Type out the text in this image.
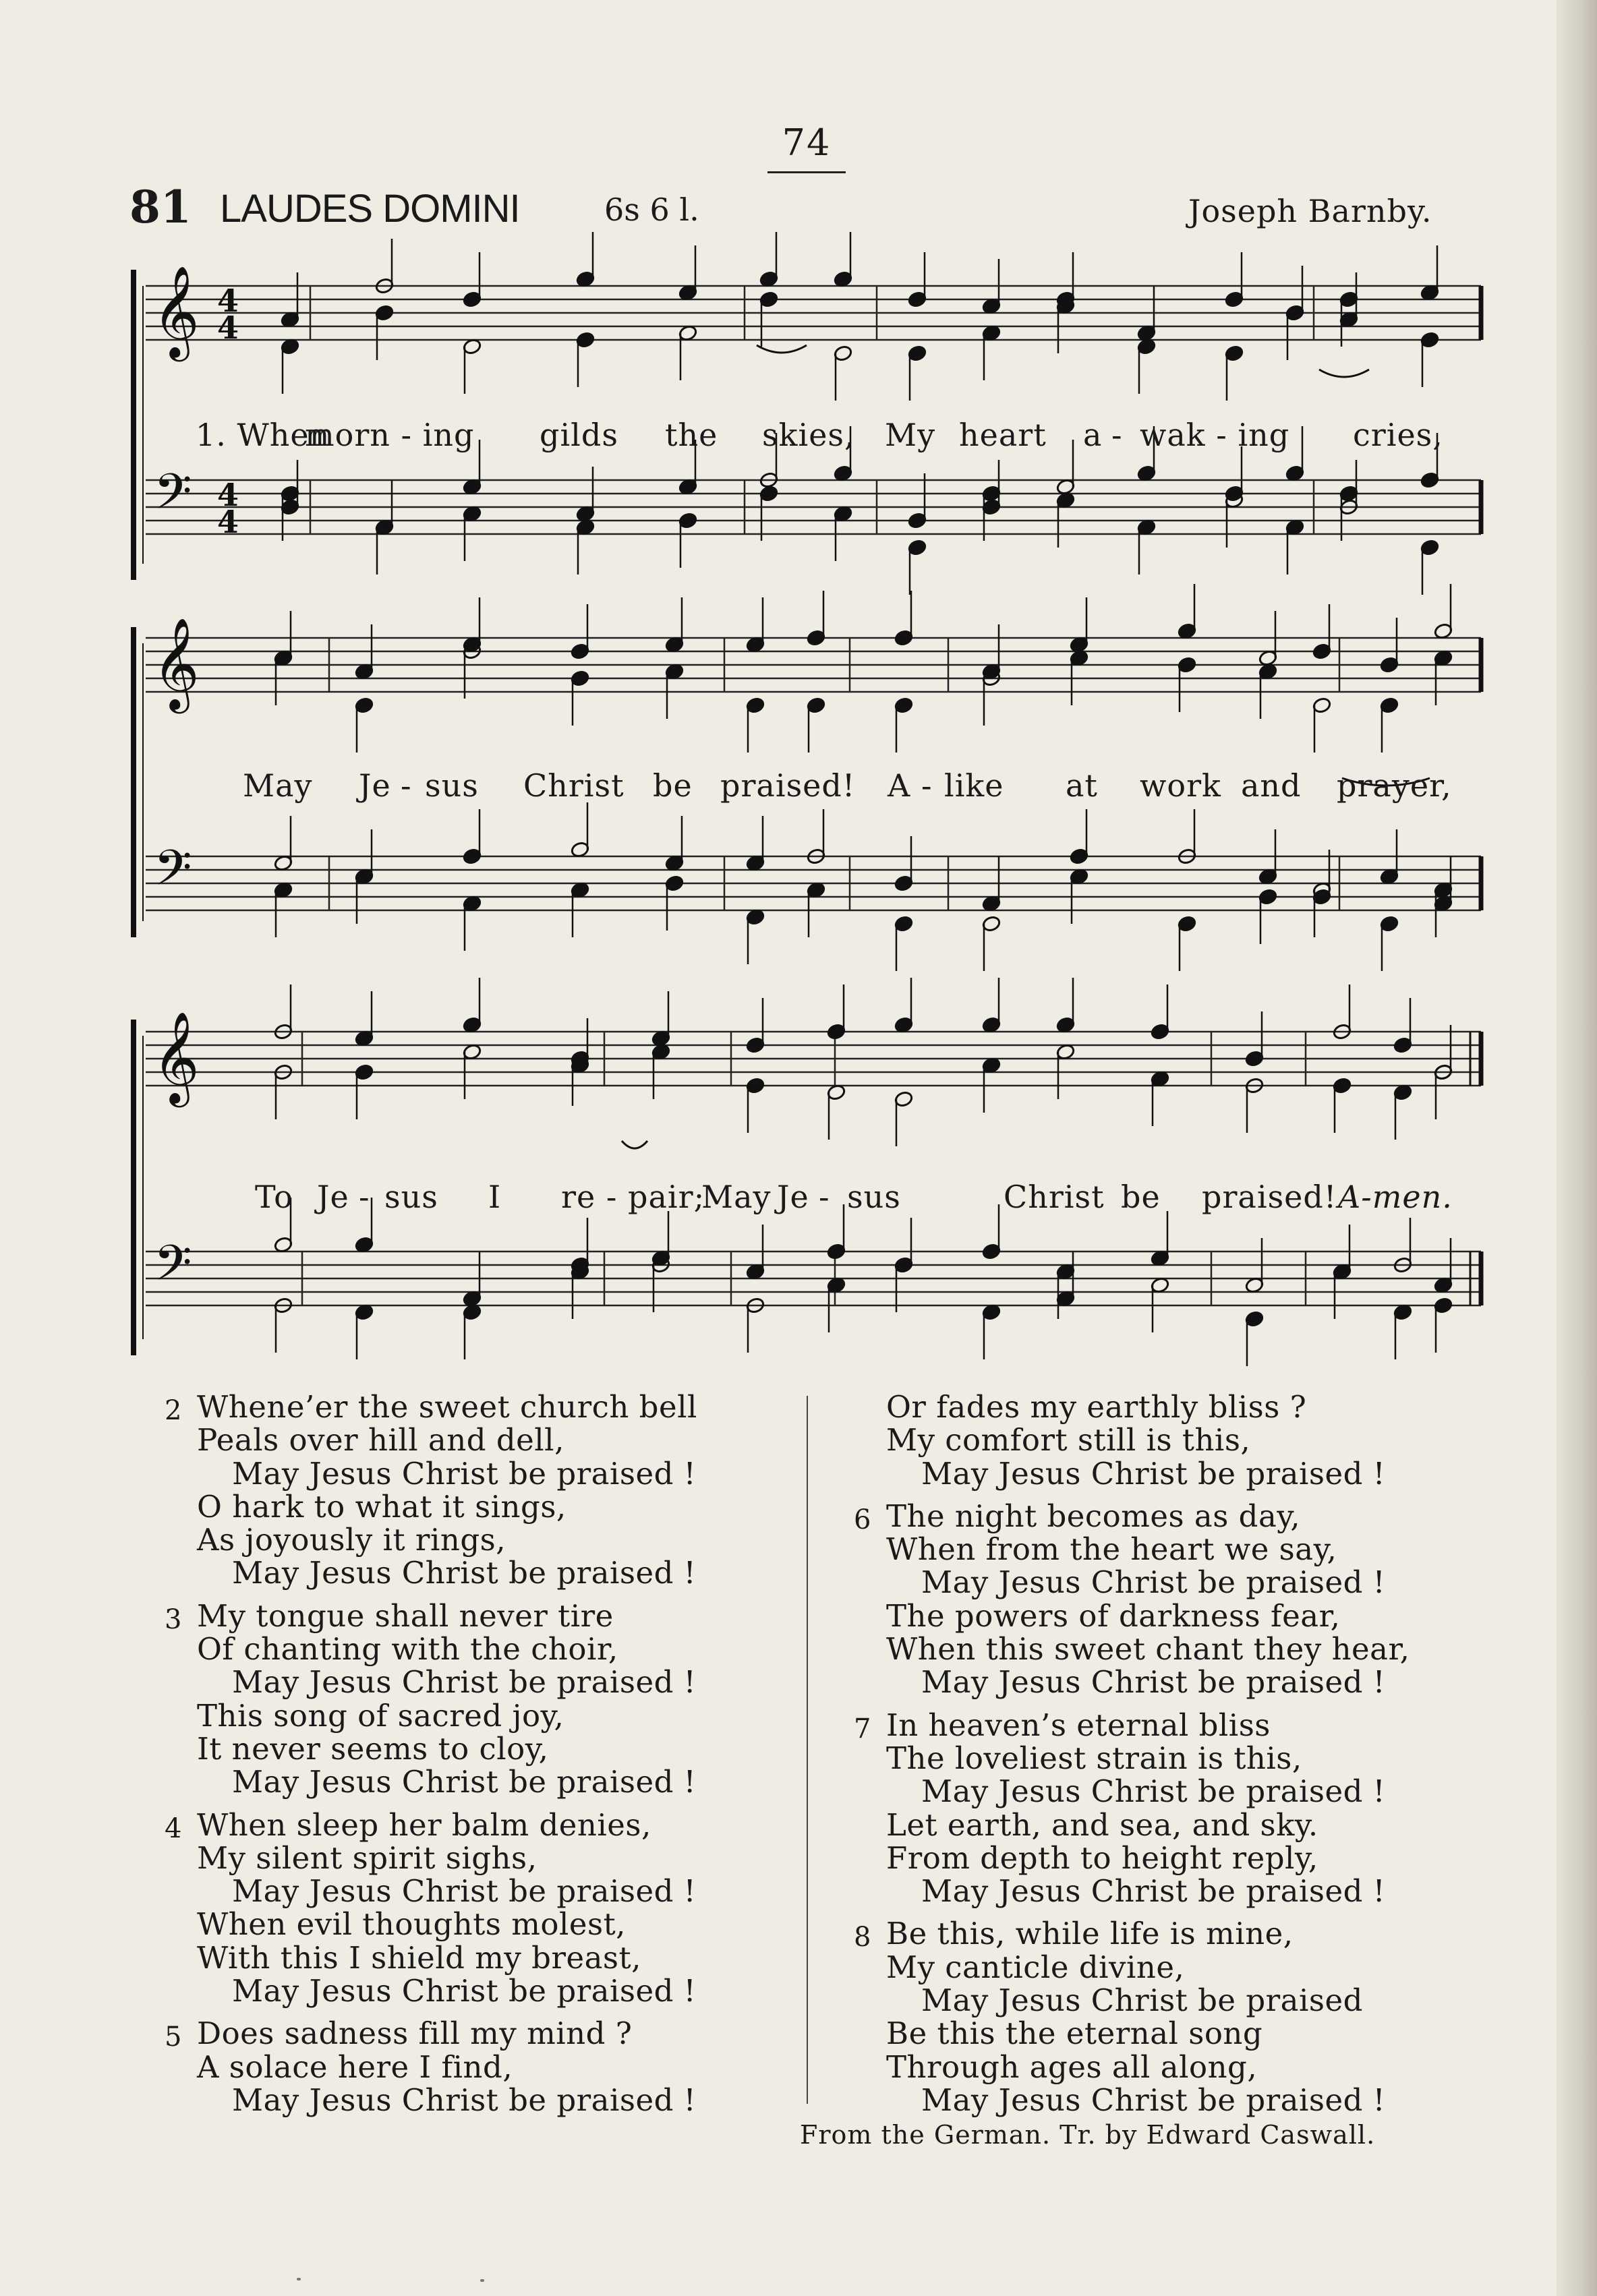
74
81 LAUDES DOMINI	6s 6 l.	Joseph Barnby.
𝄞 4
4
𝄢 4
4
𝄞
𝄢
𝄞
𝄢
1. When
morn - ing gilds the skies, My heart a - wak - ing cries,
May Je - sus Christ be praised! A - like at work and prayer,
To Je - sus I re - pair;
May Je - sus	Christ be praised! A-men.
2 Whene’er the sweet church bell
Peals over hill and dell,
May Jesus Christ be praised !
O hark to what it sings,
As joyously it rings,
May Jesus Christ be praised !
3 My tongue shall never tire
Of chanting with the choir,
May Jesus Christ be praised !
This song of sacred joy,
It never seems to cloy,
May Jesus Christ be praised !
4 When sleep her balm denies,
My silent spirit sighs,
May Jesus Christ be praised !
When evil thoughts molest,
With this I shield my breast,
May Jesus Christ be praised !
5 Does sadness fill my mind ?
A solace here I find,
May Jesus Christ be praised !
Or fades my earthly bliss ?
My comfort still is this,
May Jesus Christ be praised !
6 The night becomes as day,
When from the heart we say,
May Jesus Christ be praised !
The powers of darkness fear,
When this sweet chant they hear,
May Jesus Christ be praised !
7 In heaven’s eternal bliss
The loveliest strain is this,
May Jesus Christ be praised !
Let earth, and sea, and sky.
From depth to height reply,
May Jesus Christ be praised !
8 Be this, while life is mine,
My canticle divine,
May Jesus Christ be praised
Be this the eternal song
Through ages all along,
May Jesus Christ be praised !
From the German. Tr. by Edward Caswall.
